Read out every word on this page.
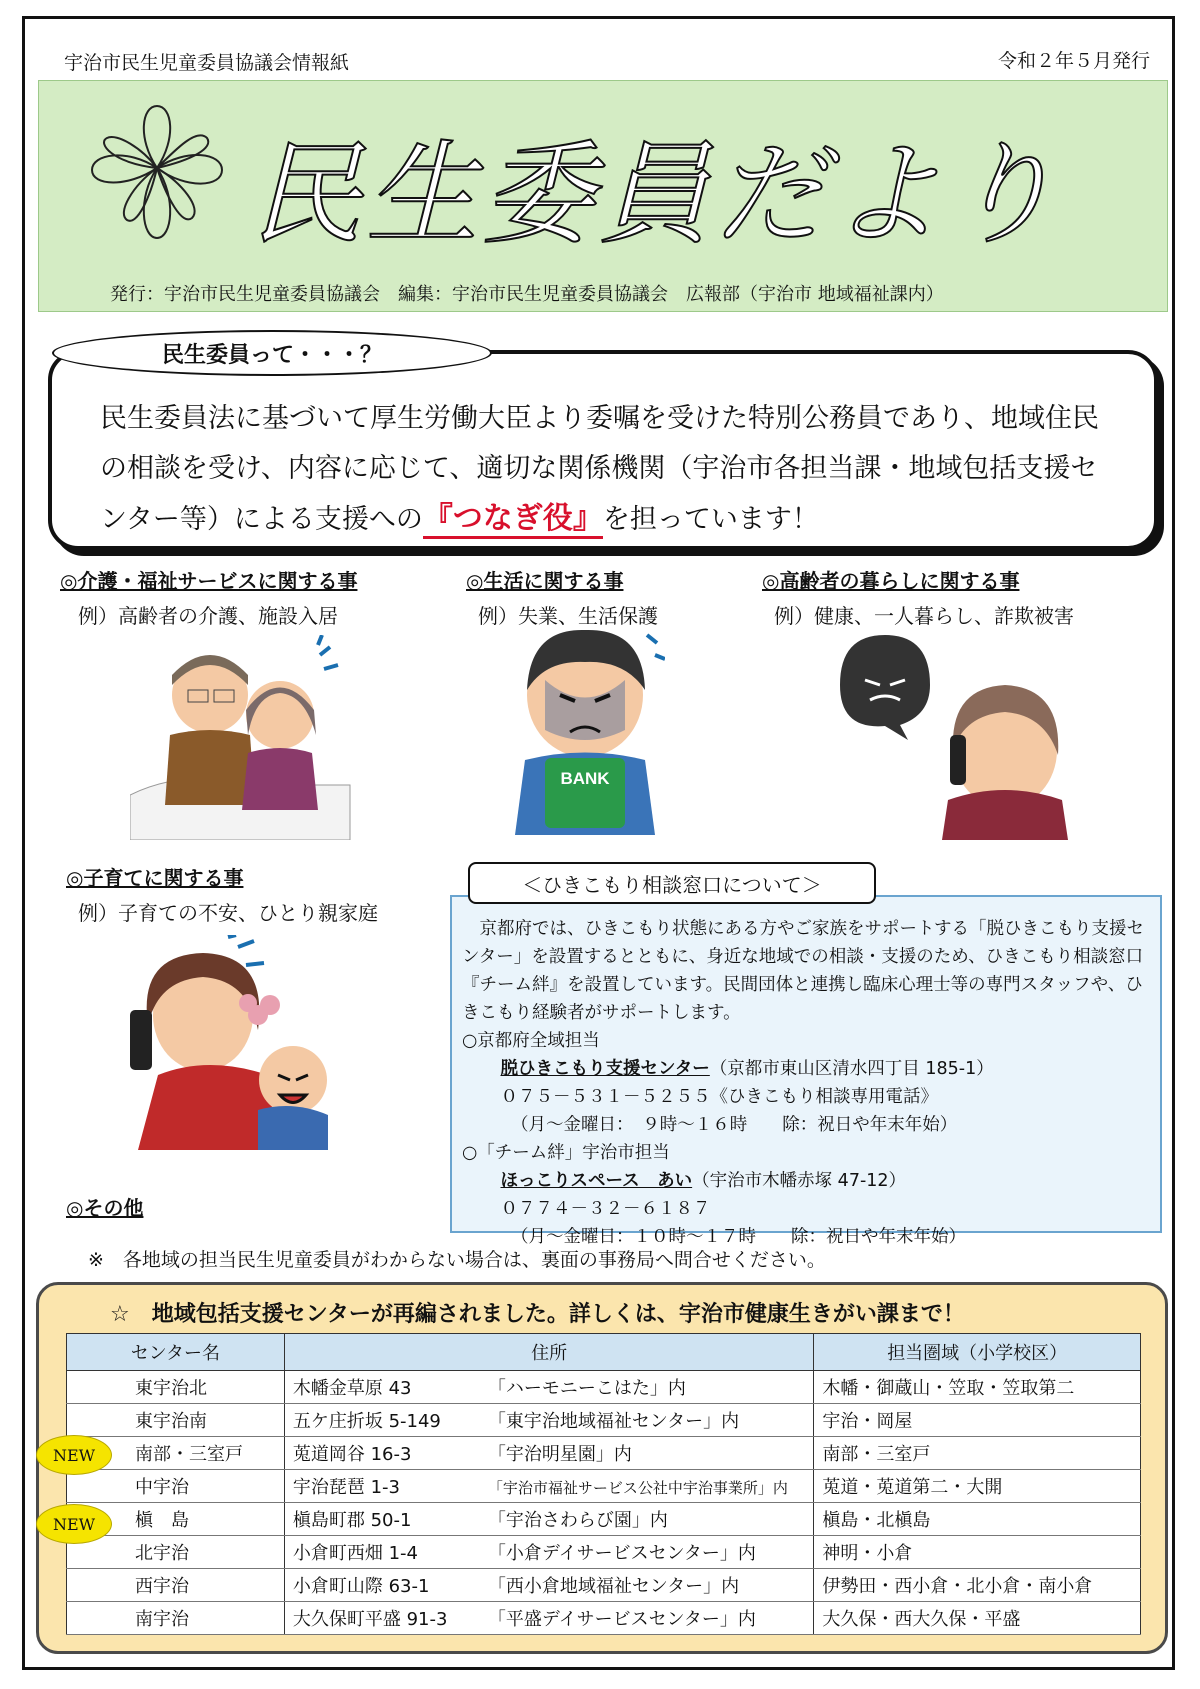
宇治市民生児童委員協議会情報紙	令和２年５月発行
民生委員だより
発行：宇治市民生児童委員協議会　編集：宇治市民生児童委員協議会　広報部（宇治市 地域福祉課内）
民生委員って・・・？
民生委員法に基づいて厚生労働大臣より委嘱を受けた特別公務員であり、地域住民の相談を受け、内容に応じて、適切な関係機関（宇治市各担当課・地域包括支援センター等）による支援への『つなぎ役』を担っています！
◎介護・福祉サービスに関する事
例）高齢者の介護、施設入居
◎生活に関する事
例）失業、生活保護
◎高齢者の暮らしに関する事
例）健康、一人暮らし、詐欺被害
◎子育てに関する事
例）子育ての不安、ひとり親家庭
◎その他
BANK
＜ひきこもり相談窓口について＞

京都府では、ひきこもり状態にある方やご家族をサポートする「脱ひきこもり支援センター」を設置するとともに、身近な地域での相談・支援のため、ひきこもり相談窓口『チーム絆』を設置しています。民間団体と連携し臨床心理士等の専門スタッフや、ひきこもり経験者がサポートします。

○京都府全域担当

脱ひきこもり支援センター（京都市東山区清水四丁目 185-1）

０７５－５３１－５２５５《ひきこもり相談専用電話》

（月～金曜日：　９時～１６時　　除：祝日や年末年始）

○「チーム絆」宇治市担当

ほっこりスペース　あい（宇治市木幡赤塚 47-12）

０７７４－３２－６１８７

（月～金曜日：１０時～１７時　　除：祝日や年末年始）

※　各地域の担当民生児童委員がわからない場合は、裏面の事務局へ問合せください。
☆　地域包括支援センターが再編されました。詳しくは、宇治市健康生きがい課まで！
センター名	住所	担当圏域（小学校区）
東宇治北	木幡金草原 43 「ハーモニーこはた」内	木幡・御蔵山・笠取・笠取第二
東宇治南	五ケ庄折坂 5-149 「東宇治地域福祉センター」内	宇治・岡屋
南部・三室戸	莵道岡谷 16-3 「宇治明星園」内	南部・三室戸
中宇治	宇治琵琶 1-3 「宇治市福祉サービス公社中宇治事業所」内	莵道・莵道第二・大開
槇　島	槇島町郡 50-1 「宇治さわらび園」内	槇島・北槇島
北宇治	小倉町西畑 1-4 「小倉デイサービスセンター」内	神明・小倉
西宇治	小倉町山際 63-1 「西小倉地域福祉センター」内	伊勢田・西小倉・北小倉・南小倉
南宇治	大久保町平盛 91-3 「平盛デイサービスセンター」内	大久保・西大久保・平盛
NEW
NEW
